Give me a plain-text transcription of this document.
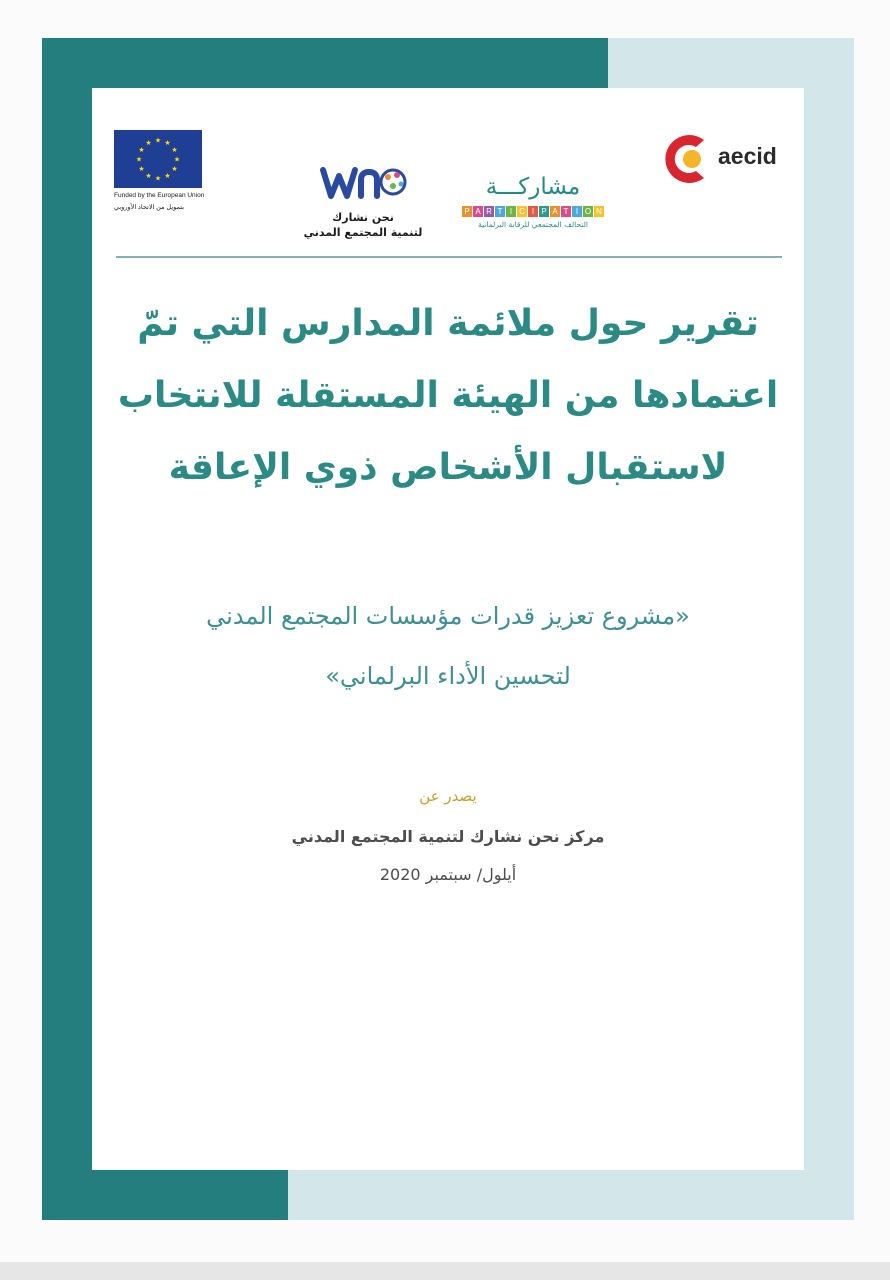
★ ★
★
★
★
★
★
★
★
★
★
★
Funded by the European Union
بتمويل من الاتحاد الأوروبي
نحن نشارك
لتنمية المجتمع المدني
مشاركـــة
P A R T I C I P A T I O N
التحالف المجتمعي للرقابة البرلمانية
aecid
تقرير حول ملائمة المدارس التي تمّ
اعتمادها من الهيئة المستقلة للانتخاب
لاستقبال الأشخاص ذوي الإعاقة
«مشروع تعزيز قدرات مؤسسات المجتمع المدني
لتحسين الأداء البرلماني»
يصدر عن
مركز نحن نشارك لتنمية المجتمع المدني
أيلول/ سبتمبر 2020
